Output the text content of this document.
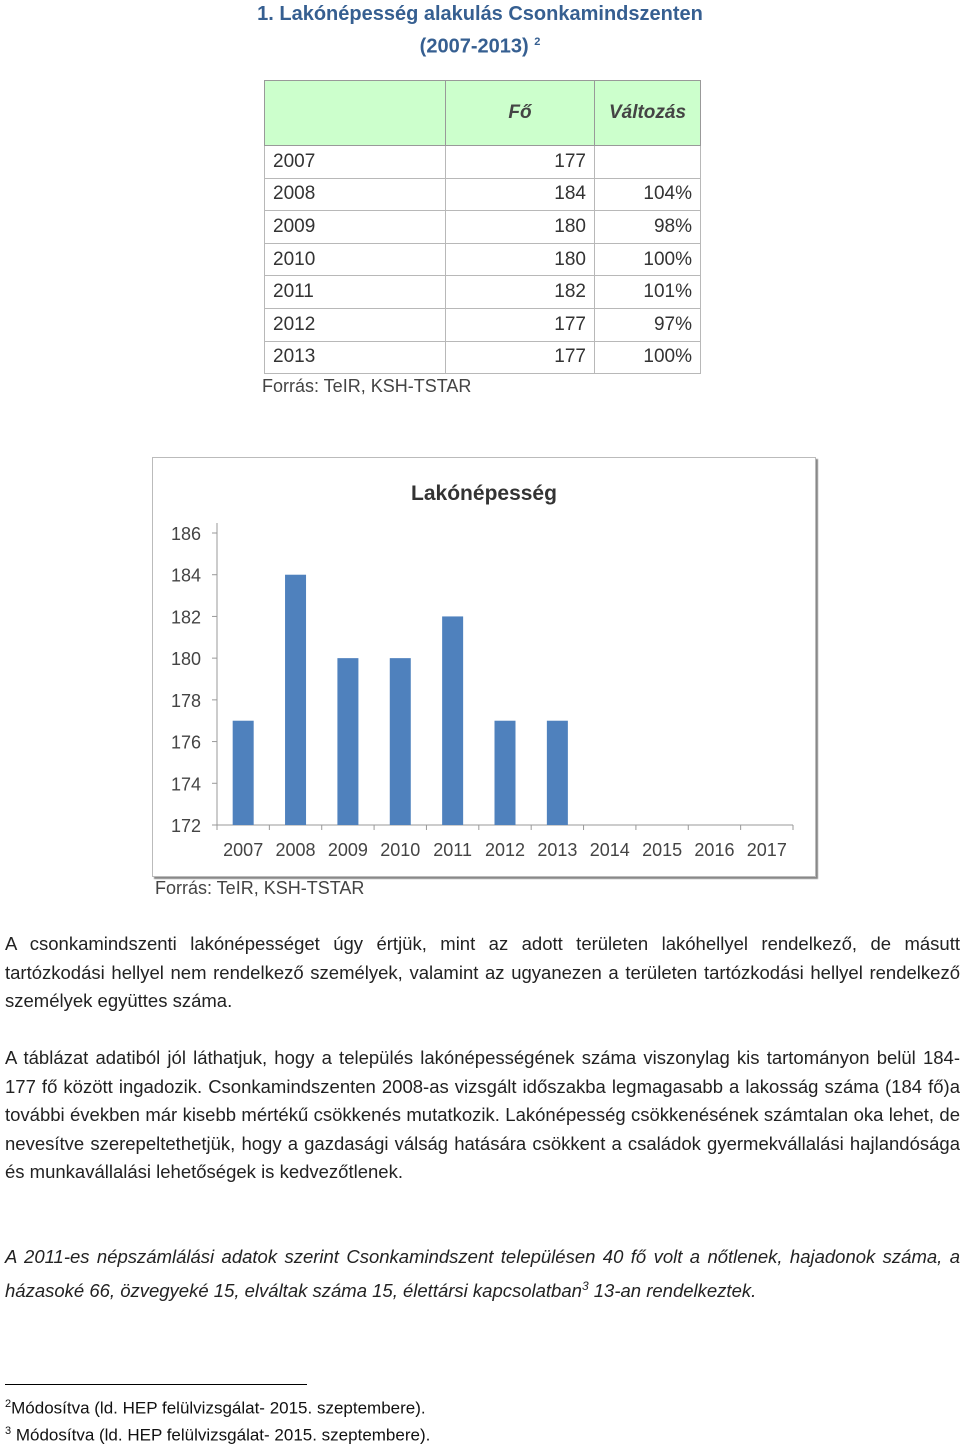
1. Lakónépesség alakulás Csonkamindszenten
(2007-2013) $^2$
	Fő	Változás
2007	177	
2008	184	104%
2009	180	98%
2010	180	100%
2011	182	101%
2012	177	97%
2013	177	100%
Forrás: TeIR, KSH-TSTAR
Lakónépesség
172
174
176
178
180
182
184
186
2007 2008 2009 2010 2011 2012 2013 2014 2015 2016 2017
Forrás: TeIR, KSH-TSTAR
A csonkamindszenti lakónépességet úgy értjük, mint az adott területen lakóhellyel rendelkező, de másutt tartózkodási hellyel nem rendelkező személyek, valamint az ugyanezen a területen tartózkodási hellyel rendelkező személyek együttes száma.
A táblázat adatiból jól láthatjuk, hogy a település lakónépességének száma viszonylag kis tartományon belül 184-177 fő között ingadozik. Csonkamindszenten 2008-as vizsgált időszakba legmagasabb a lakosság száma (184 fő)a további években már kisebb mértékű csökkenés mutatkozik. Lakónépesség csökkenésének számtalan oka lehet, de nevesítve szerepeltethetjük, hogy a gazdasági válság hatására csökkent a családok gyermekvállalási hajlandósága és munkavállalási lehetőségek is kedvezőtlenek.
A 2011-es népszámlálási adatok szerint Csonkamindszent településen 40 fő volt a nőtlenek, hajadonok száma, a házasoké 66, özvegyeké 15, elváltak száma 15, élettársi kapcsolatban$^3$ 13-an rendelkeztek.
$^2$Módosítva (ld. HEP felülvizsgálat- 2015. szeptembere).
$^3$ Módosítva (ld. HEP felülvizsgálat- 2015. szeptembere).
